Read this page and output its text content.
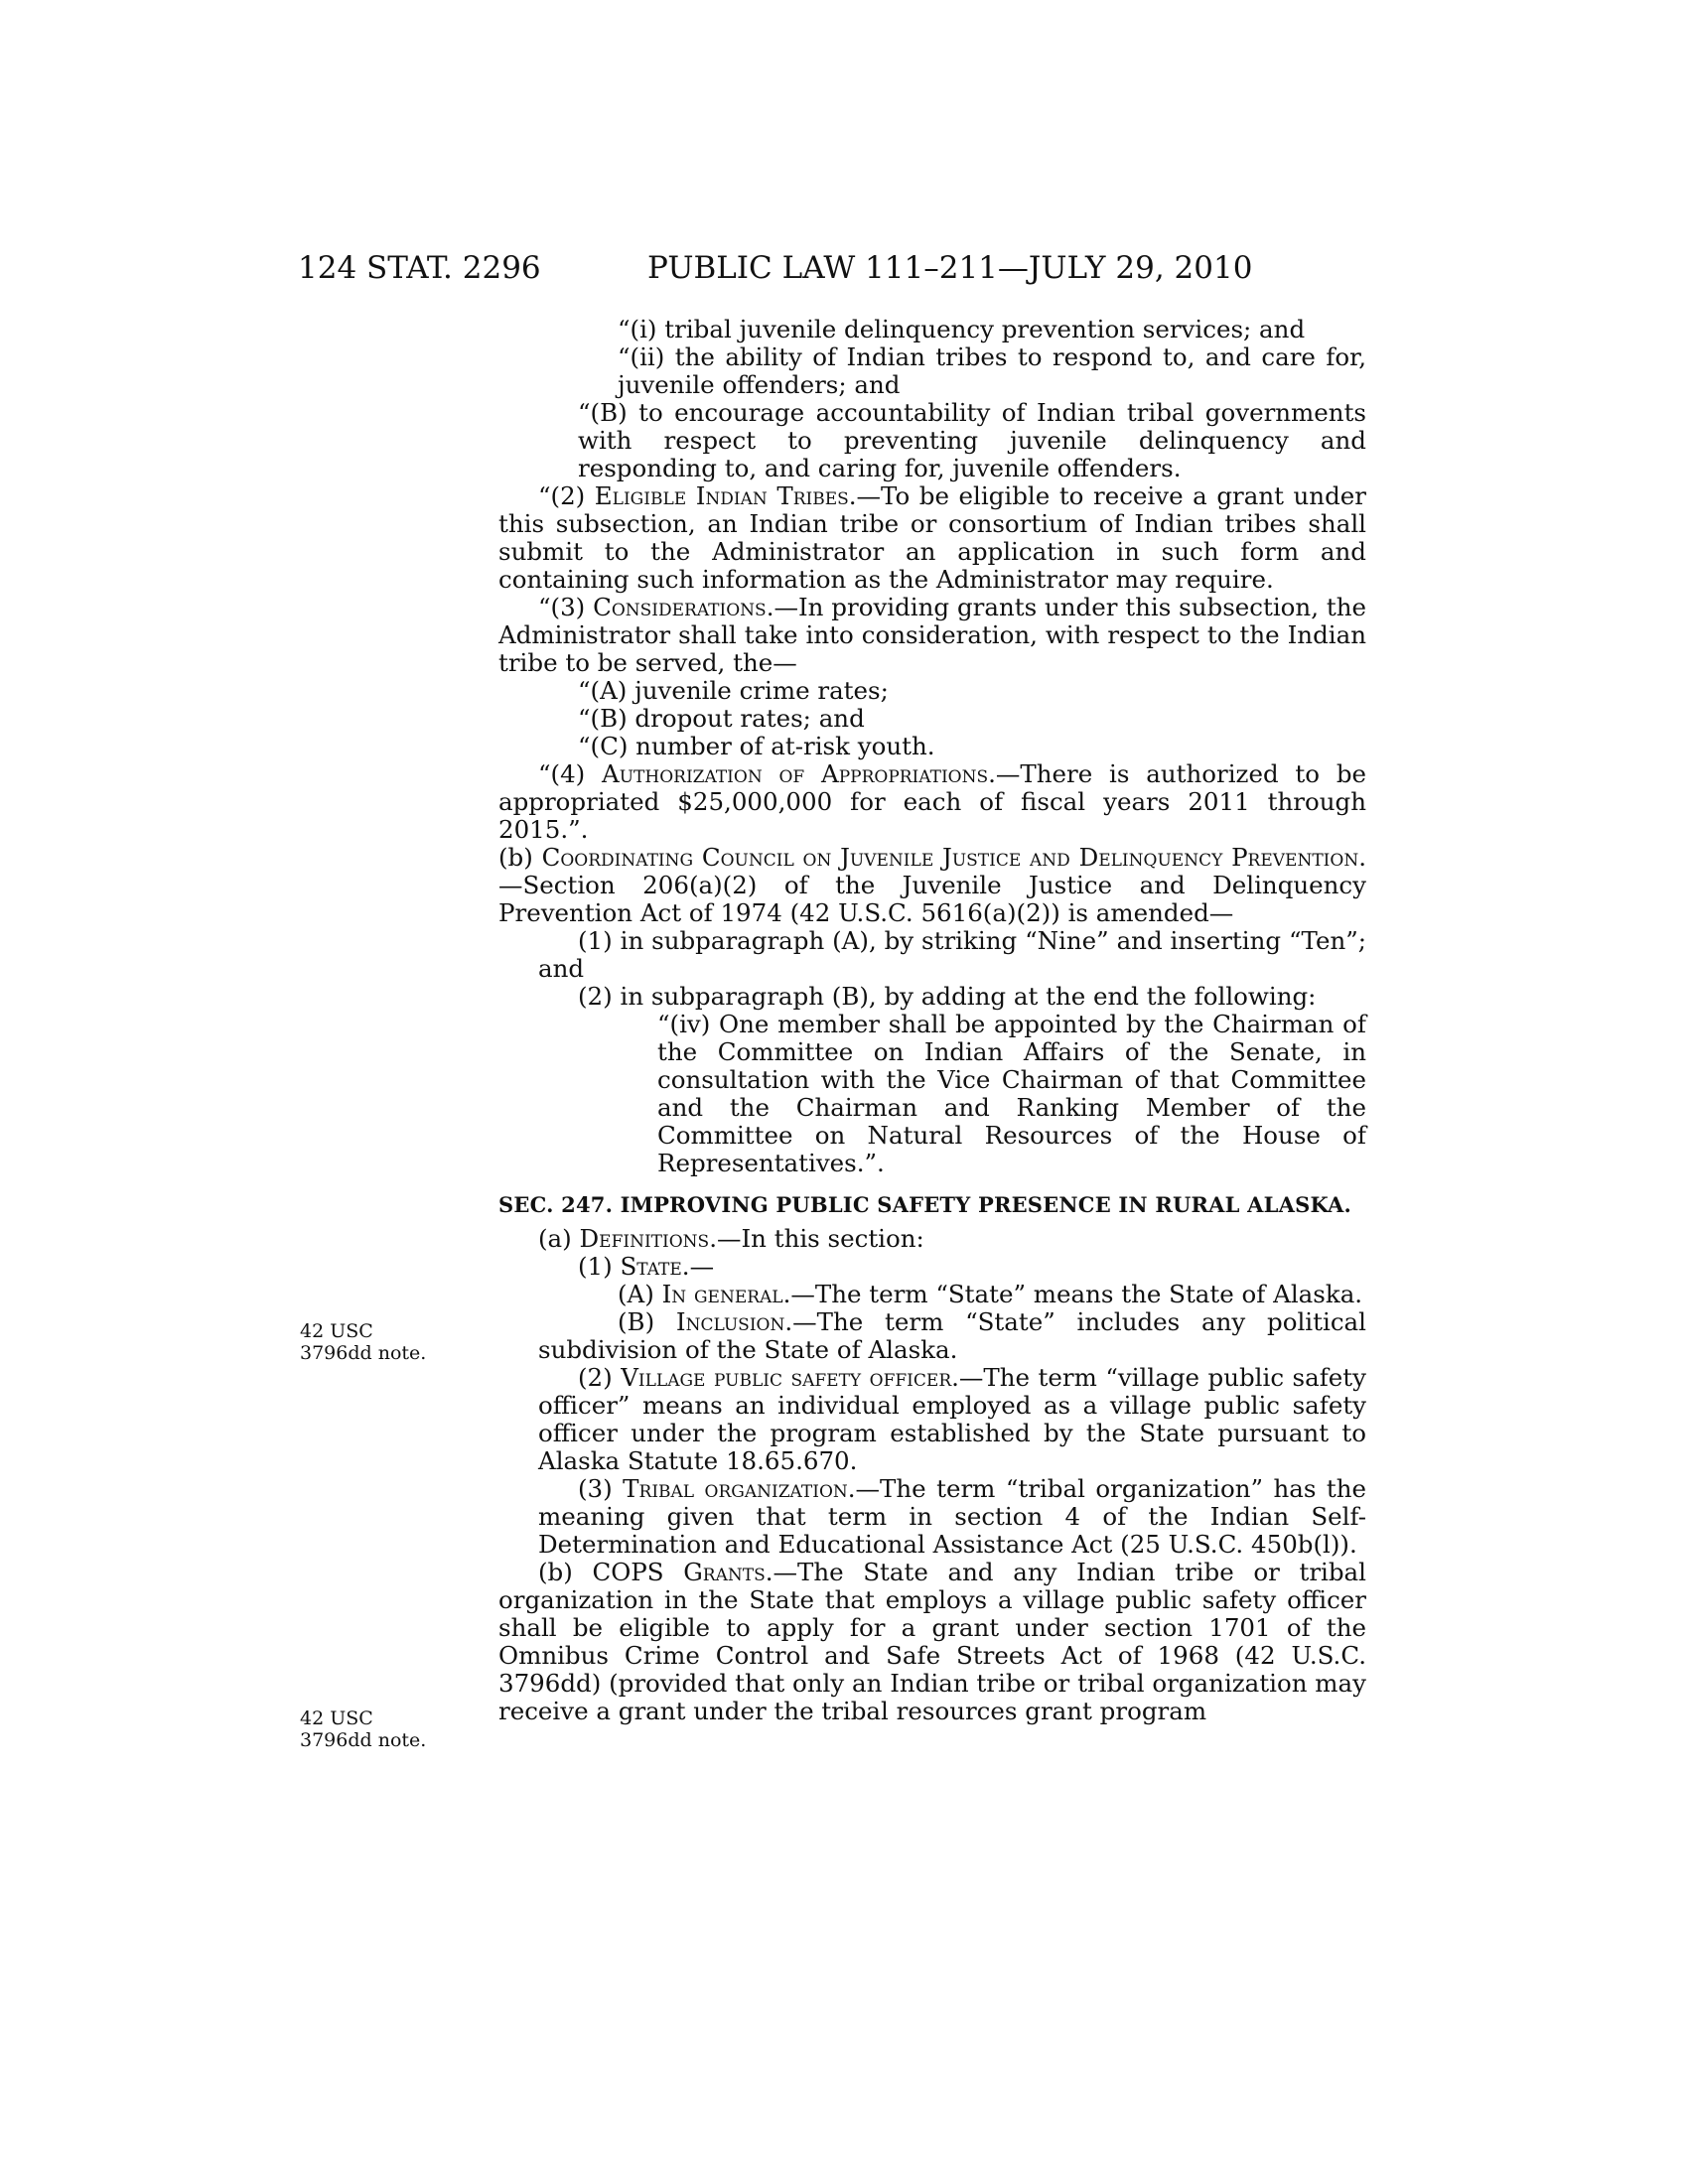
124 STAT. 2296	PUBLIC LAW 111–211—JULY 29, 2010
42 USC
3796dd note.
42 USC
3796dd note.

“(i) tribal juvenile delinquency prevention services; and

“(ii) the ability of Indian tribes to respond to, and care for, juvenile offenders; and

“(B) to encourage accountability of Indian tribal governments with respect to preventing juvenile delinquency and responding to, and caring for, juvenile offenders.

“(2) Eligible Indian Tribes.—To be eligible to receive a grant under this subsection, an Indian tribe or consortium of Indian tribes shall submit to the Administrator an application in such form and containing such information as the Administrator may require.

“(3) Considerations.—In providing grants under this subsection, the Administrator shall take into consideration, with respect to the Indian tribe to be served, the—

“(A) juvenile crime rates;

“(B) dropout rates; and

“(C) number of at-risk youth.

“(4) Authorization of Appropriations.—There is authorized to be appropriated $25,000,000 for each of fiscal years 2011 through 2015.”.

(b) Coordinating Council on Juvenile Justice and Delinquency Prevention.—Section 206(a)(2) of the Juvenile Justice and Delinquency Prevention Act of 1974 (42 U.S.C. 5616(a)(2)) is amended—

(1) in subparagraph (A), by striking “Nine” and inserting “Ten”; and

(2) in subparagraph (B), by adding at the end the following:

“(iv) One member shall be appointed by the Chairman of the Committee on Indian Affairs of the Senate, in consultation with the Vice Chairman of that Committee and the Chairman and Ranking Member of the Committee on Natural Resources of the House of Representatives.”.

SEC. 247. IMPROVING PUBLIC SAFETY PRESENCE IN RURAL ALASKA.

(a) Definitions.—In this section:

(1) State.—

(A) In general.—The term “State” means the State of Alaska.

(B) Inclusion.—The term “State” includes any political subdivision of the State of Alaska.

(2) Village public safety officer.—The term “village public safety officer” means an individual employed as a village public safety officer under the program established by the State pursuant to Alaska Statute 18.65.670.

(3) Tribal organization.—The term “tribal organization” has the meaning given that term in section 4 of the Indian Self-Determination and Educational Assistance Act (25 U.S.C. 450b(l)).

(b) COPS Grants.—The State and any Indian tribe or tribal organization in the State that employs a village public safety officer shall be eligible to apply for a grant under section 1701 of the Omnibus Crime Control and Safe Streets Act of 1968 (42 U.S.C. 3796dd) (provided that only an Indian tribe or tribal organization may receive a grant under the tribal resources grant program
